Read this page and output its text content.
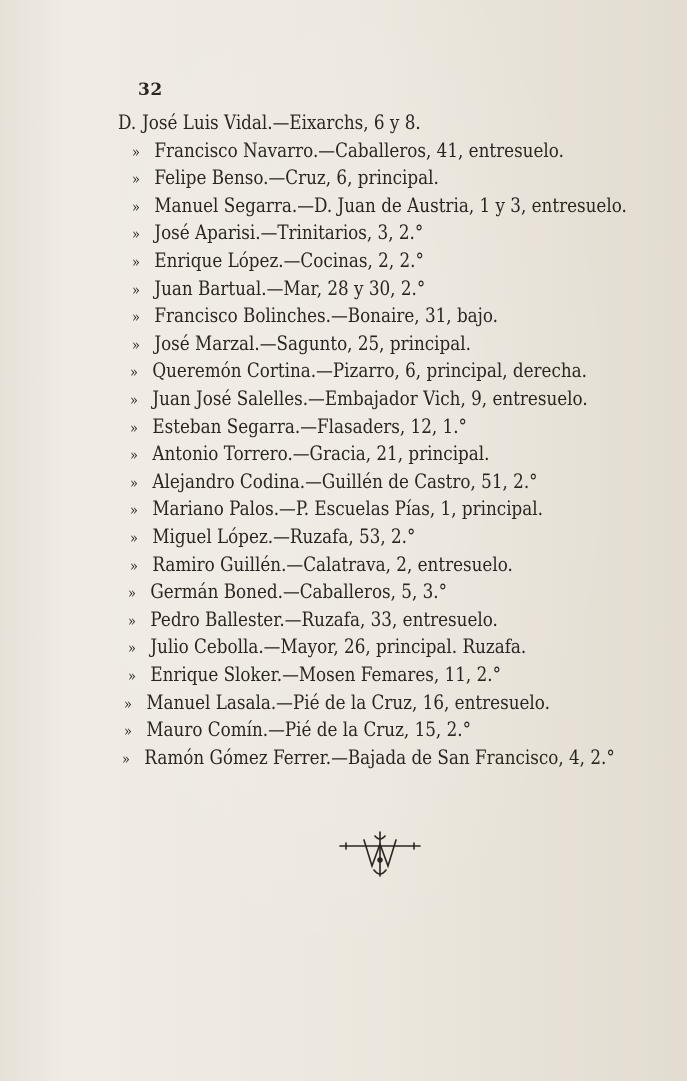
32
D. José Luis Vidal.—Eixarchs, 6 y 8.
» Francisco Navarro.—Caballeros, 41, entresuelo.
» Felipe Benso.—Cruz, 6, principal.
» Manuel Segarra.—D. Juan de Austria, 1 y 3, entresuelo.
» José Aparisi.—Trinitarios, 3, 2.°
» Enrique López.—Cocinas, 2, 2.°
» Juan Bartual.—Mar, 28 y 30, 2.°
» Francisco Bolinches.—Bonaire, 31, bajo.
» José Marzal.—Sagunto, 25, principal.
» Queremón Cortina.—Pizarro, 6, principal, derecha.
» Juan José Salelles.—Embajador Vich, 9, entresuelo.
» Esteban Segarra.—Flasaders, 12, 1.°
» Antonio Torrero.—Gracia, 21, principal.
» Alejandro Codina.—Guillén de Castro, 51, 2.°
» Mariano Palos.—P. Escuelas Pías, 1, principal.
» Miguel López.—Ruzafa, 53, 2.°
» Ramiro Guillén.—Calatrava, 2, entresuelo.
» Germán Boned.—Caballeros, 5, 3.°
» Pedro Ballester.—Ruzafa, 33, entresuelo.
» Julio Cebolla.—Mayor, 26, principal. Ruzafa.
» Enrique Sloker.—Mosen Femares, 11, 2.°
» Manuel Lasala.—Pié de la Cruz, 16, entresuelo.
» Mauro Comín.—Pié de la Cruz, 15, 2.°
» Ramón Gómez Ferrer.—Bajada de San Francisco, 4, 2.°
